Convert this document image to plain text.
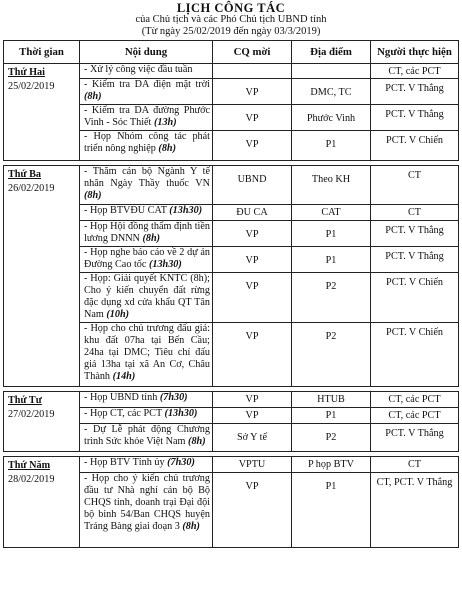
LỊCH CÔNG TÁC
của Chủ tịch và các Phó Chủ tịch UBND tỉnh
(Từ ngày 25/02/2019 đến ngày 03/3/2019)
Thời gian	Nội dung	CQ mời	Địa điểm	Người thực hiện

Thứ Hai
25/02/2019	- Xử lý công việc đầu tuần			CT, các PCT

	- Kiểm tra DA điện mặt trời (8h)	VP	DMC, TC	PCT. V Thắng

	- Kiểm tra DA đường Phước Vinh - Sóc Thiết (13h)	VP	Phước Vinh	PCT. V Thắng

	- Họp Nhóm công tác phát triển nông nghiệp (8h)	VP	P1	PCT. V Chiến

Thứ Ba
26/02/2019	- Thăm cán bộ Ngành Y tế nhân Ngày Thầy thuốc VN (8h)	UBND	Theo KH	CT

	- Họp BTVĐU CAT (13h30)	ĐU CA	CAT	CT

	- Họp Hội đồng thẩm định tiền lương DNNN (8h)	VP	P1	PCT. V Thắng

	- Họp nghe báo cáo về 2 dự án Đường Cao tốc (13h30)	VP	P1	PCT. V Thắng

	- Họp: Giải quyết KNTC (8h); Cho ý kiến chuyển đất rừng đặc dụng xd cửa khẩu QT Tân Nam (10h)	VP	P2	PCT. V Chiến

	- Họp cho chủ trương đấu giá: khu đất 07ha tại Bến Cầu; 24ha tại DMC; Tiêu chí đấu giá 13ha tại xã An Cơ, Châu Thành (14h)	VP	P2	PCT. V Chiến

Thứ Tư
27/02/2019	- Họp UBND tỉnh (7h30)	VP	HTUB	CT, các PCT

	- Họp CT, các PCT (13h30)	VP	P1	CT, các PCT

	- Dự Lễ phát động Chương trình Sức khỏe Việt Nam (8h)	Sở Y tế	P2	PCT. V Thắng

Thứ Năm
28/02/2019	- Họp BTV Tỉnh ủy (7h30)	VPTU	P họp BTV	CT

	- Họp cho ý kiến chủ trương đầu tư Nhà nghỉ cán bộ Bộ CHQS tỉnh, doanh trại Đại đội bộ binh 54/Ban CHQS huyện Trảng Bàng giai đoạn 3 (8h)	VP	P1	CT, PCT. V Thắng
